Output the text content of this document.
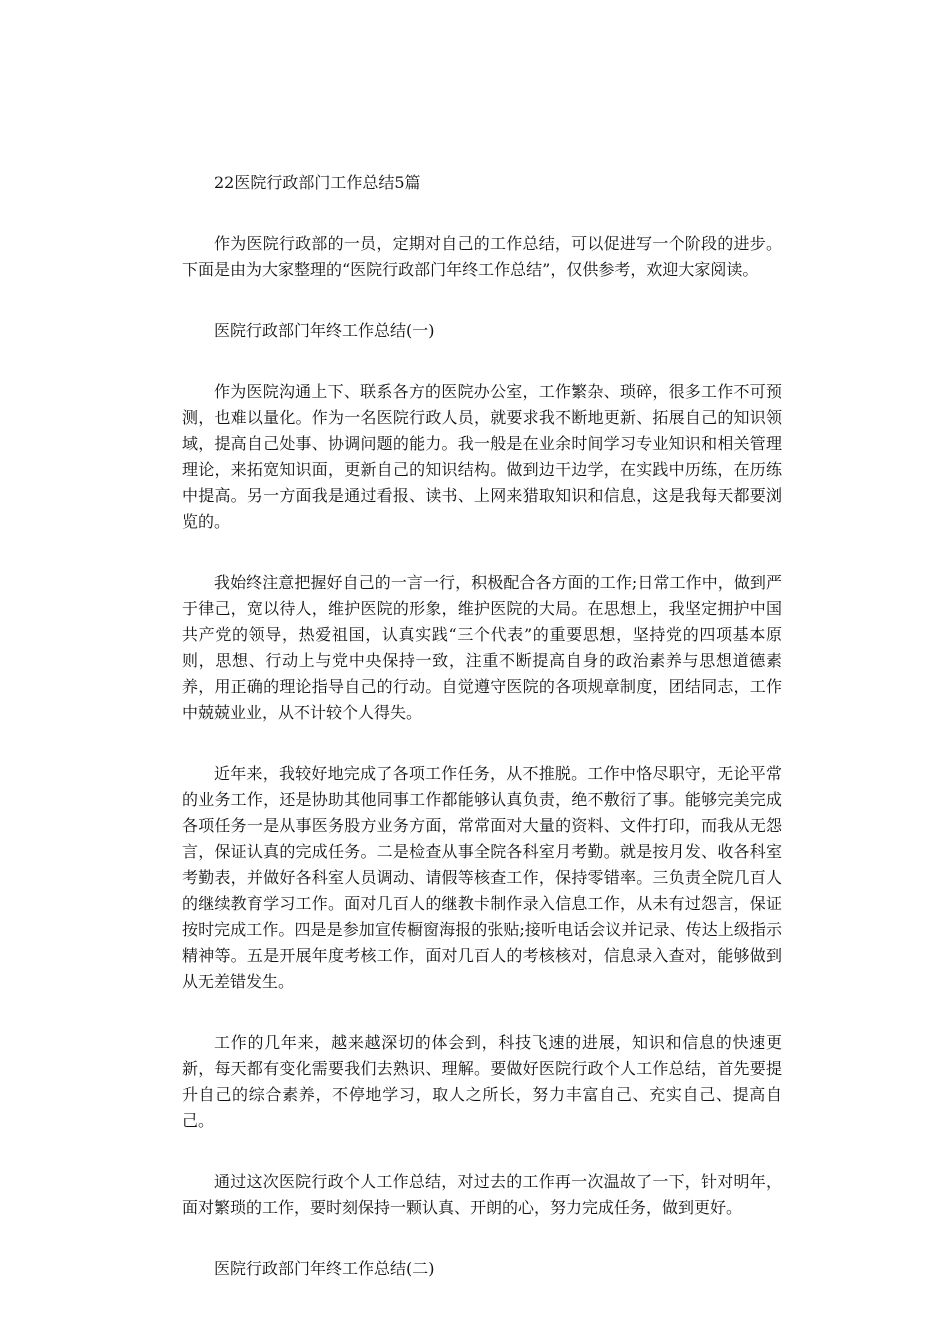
22医院行政部门工作总结5篇

作为医院行政部的一员，定期对自己的工作总结，可以促进写一个阶段的进步。下面是由为大家整理的“医院行政部门年终工作总结”，仅供参考，欢迎大家阅读。

医院行政部门年终工作总结(一)

作为医院沟通上下、联系各方的医院办公室，工作繁杂、琐碎，很多工作不可预测，也难以量化。作为一名医院行政人员，就要求我不断地更新、拓展自己的知识领域，提高自己处事、协调问题的能力。我一般是在业余时间学习专业知识和相关管理理论，来拓宽知识面，更新自己的知识结构。做到边干边学，在实践中历练，在历练中提高。另一方面我是通过看报、读书、上网来猎取知识和信息，这是我每天都要浏览的。

我始终注意把握好自己的一言一行，积极配合各方面的工作;日常工作中，做到严于律己，宽以待人，维护医院的形象，维护医院的大局。在思想上，我坚定拥护中国共产党的领导，热爱祖国，认真实践“三个代表”的重要思想，坚持党的四项基本原则，思想、行动上与党中央保持一致，注重不断提高自身的政治素养与思想道德素养，用正确的理论指导自己的行动。自觉遵守医院的各项规章制度，团结同志，工作中兢兢业业，从不计较个人得失。

近年来，我较好地完成了各项工作任务，从不推脱。工作中恪尽职守，无论平常的业务工作，还是协助其他同事工作都能够认真负责，绝不敷衍了事。能够完美完成各项任务一是从事医务股方业务方面，常常面对大量的资料、文件打印，而我从无怨言，保证认真的完成任务。二是检查从事全院各科室月考勤。就是按月发、收各科室考勤表，并做好各科室人员调动、请假等核查工作，保持零错率。三负责全院几百人的继续教育学习工作。面对几百人的继教卡制作录入信息工作，从未有过怨言，保证按时完成工作。四是是参加宣传橱窗海报的张贴;接听电话会议并记录、传达上级指示精神等。五是开展年度考核工作，面对几百人的考核核对，信息录入查对，能够做到从无差错发生。

工作的几年来，越来越深切的体会到，科技飞速的进展，知识和信息的快速更新，每天都有变化需要我们去熟识、理解。要做好医院行政个人工作总结，首先要提升自己的综合素养，不停地学习，取人之所长，努力丰富自己、充实自己、提高自己。

通过这次医院行政个人工作总结，对过去的工作再一次温故了一下，针对明年，面对繁琐的工作，要时刻保持一颗认真、开朗的心，努力完成任务，做到更好。

医院行政部门年终工作总结(二)
